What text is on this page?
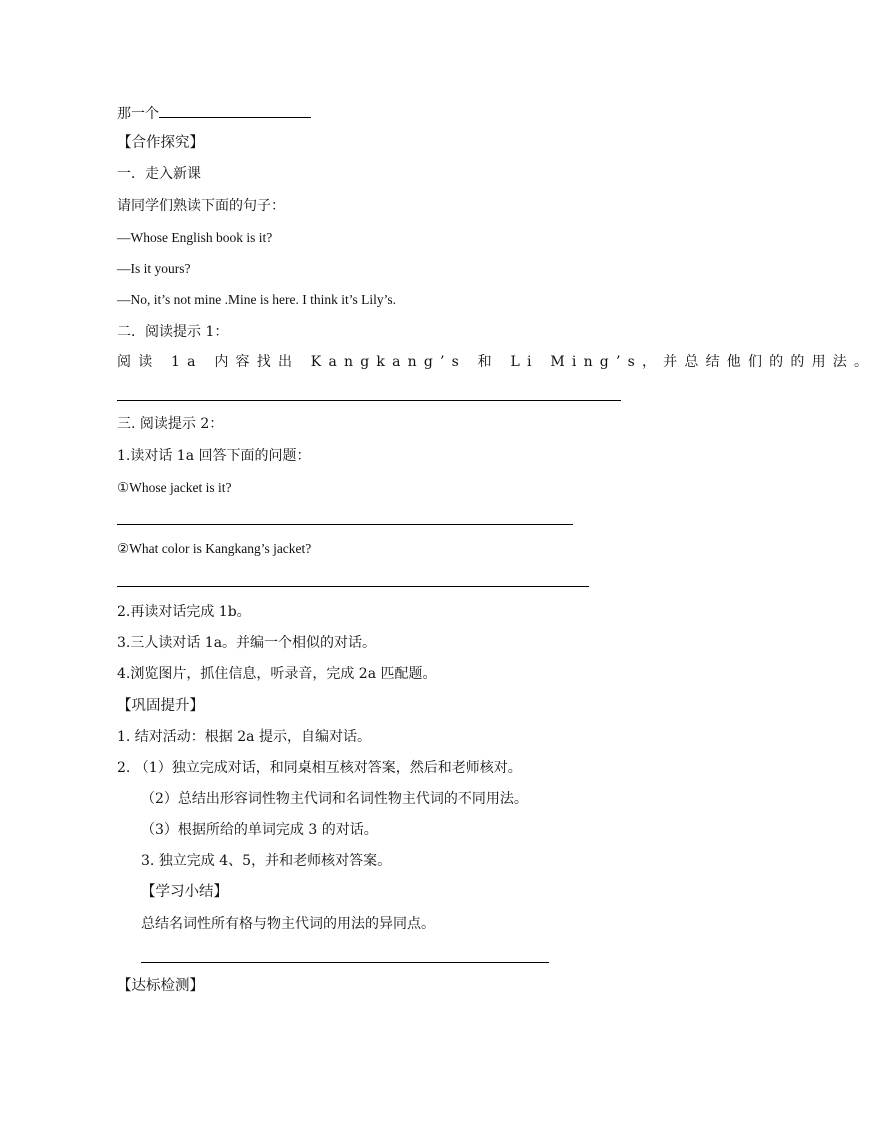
那一个
【合作探究】
一．走入新课
请同学们熟读下面的句子：
—Whose English book is it?
—Is it yours?
—No, it’s not mine .Mine is here. I think it’s Lily’s.
二．阅读提示 1：
阅读 1a 内容找出 Kangkang’s 和 Li Ming’s，并总结他们的的用法。
三. 阅读提示 2：
1.读对话 1a 回答下面的问题：
①Whose jacket is it?
②What color is Kangkang’s jacket?
2.再读对话完成 1b。
3.三人读对话 1a。并编一个相似的对话。
4.浏览图片，抓住信息，听录音，完成 2a 匹配题。
【巩固提升】
1. 结对活动：根据 2a 提示，自编对话。
2. （1）独立完成对话，和同桌相互核对答案，然后和老师核对。
（2）总结出形容词性物主代词和名词性物主代词的不同用法。
（3）根据所给的单词完成 3 的对话。
3. 独立完成 4、5，并和老师核对答案。
【学习小结】
总结名词性所有格与物主代词的用法的异同点。
【达标检测】
